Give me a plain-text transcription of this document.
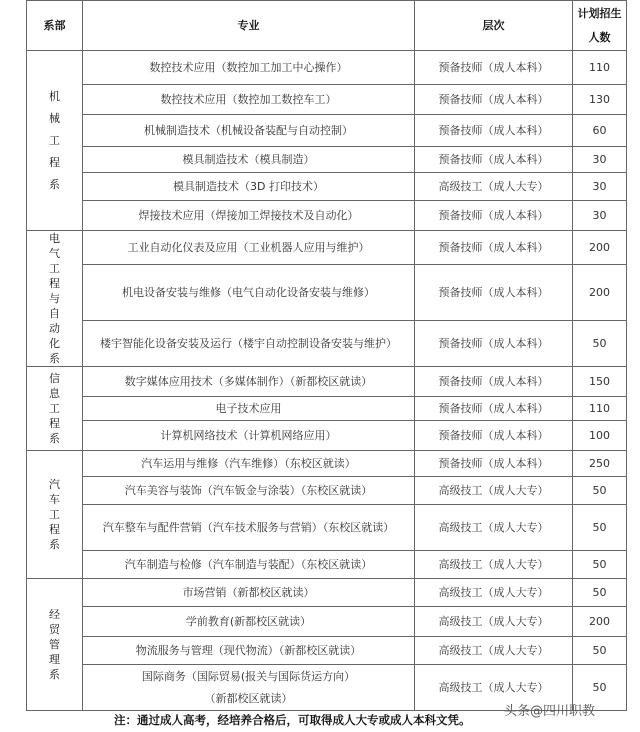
系部	专业	层次	计划招生
人数
机械工程系	数控技术应用（数控加工加工中心操作）	预备技师（成人本科）	110
	数控技术应用（数控加工数控车工）	预备技师（成人本科）	130
	机械制造技术（机械设备装配与自动控制）	预备技师（成人本科）	60
	模具制造技术（模具制造）	预备技师（成人本科）	30
	模具制造技术（3D 打印技术）	高级技工（成人大专）	30
	焊接技术应用（焊接加工焊接技术及自动化）	预备技师（成人本科）	30
电气工程与自动化系	工业自动化仪表及应用（工业机器人应用与维护）	预备技师（成人本科）	200
	机电设备安装与维修（电气自动化设备安装与维修）	预备技师（成人本科）	200
	楼宇智能化设备安装及运行（楼宇自动控制设备安装与维护）	预备技师（成人本科）	50
信息工程系	数字媒体应用技术（多媒体制作）（新都校区就读）	预备技师（成人本科）	150
	电子技术应用	预备技师（成人本科）	110
	计算机网络技术（计算机网络应用）	预备技师（成人本科）	100
汽车工程系	汽车运用与维修（汽车维修）（东校区就读）	预备技师（成人本科）	250
	汽车美容与装饰（汽车钣金与涂装）（东校区就读）	高级技工（成人大专）	50
	汽车整车与配件营销（汽车技术服务与营销）（东校区就读）	高级技工（成人大专）	50
	汽车制造与检修（汽车制造与装配）（东校区就读）	高级技工（成人大专）	50
经贸管理系	市场营销（新都校区就读）	高级技工（成人大专）	50
	学前教育(新都校区就读）	高级技工（成人大专）	200
	物流服务与管理（现代物流）（新都校区就读）	高级技工（成人大专）	50
	国际商务（国际贸易(报关与国际货运方向）
（新都校区就读）	高级技工（成人大专）	50
注：通过成人高考，经培养合格后，可取得成人大专或成人本科文凭。
头条@四川职教
